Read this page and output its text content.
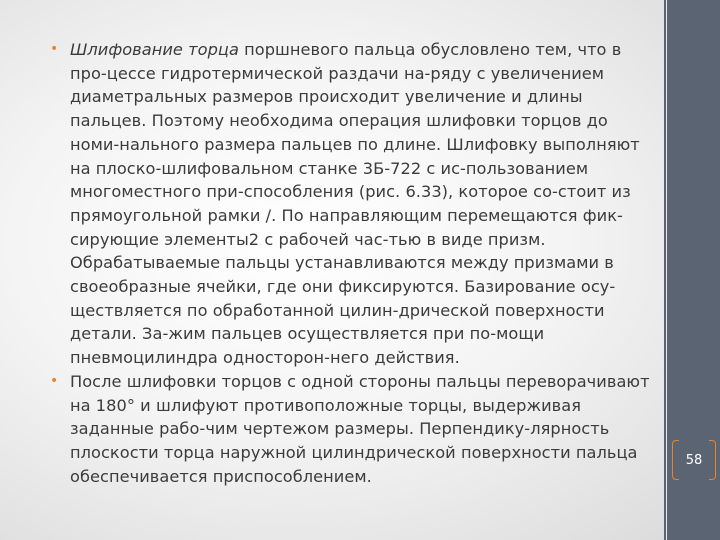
• Шлифование торца поршневого пальца обусловлено тем, что в про-цессе гидротермической раздачи на-ряду с увеличением диаметральных размеров происходит увеличение и длины пальцев. Поэтому необходима операция шлифовки торцов до номи-нального размера пальцев по длине. Шлифовку выполняют на плоско-шлифовальном станке 3Б-722 с ис-пользованием многоместного при-способления (рис. 6.33), которое со-стоит из прямоугольной рамки /. По направляющим перемещаются фик-сирующие элементы2 с рабочей час-тью в виде призм. Обрабатываемые пальцы устанавливаются между призмами в своеобразные ячейки, где они фиксируются. Базирование осу-ществляется по обработанной цилин-дрической поверхности детали. За-жим пальцев осуществляется при по-мощи пневмоцилиндра односторон-него действия.
• После шлифовки торцов с одной стороны пальцы переворачивают на 180° и шлифуют противоположные торцы, выдерживая заданные рабо-чим чертежом размеры. Перпендику-лярность плоскости торца наружной цилиндрической поверхности пальца обеспечивается приспособлением.
58
